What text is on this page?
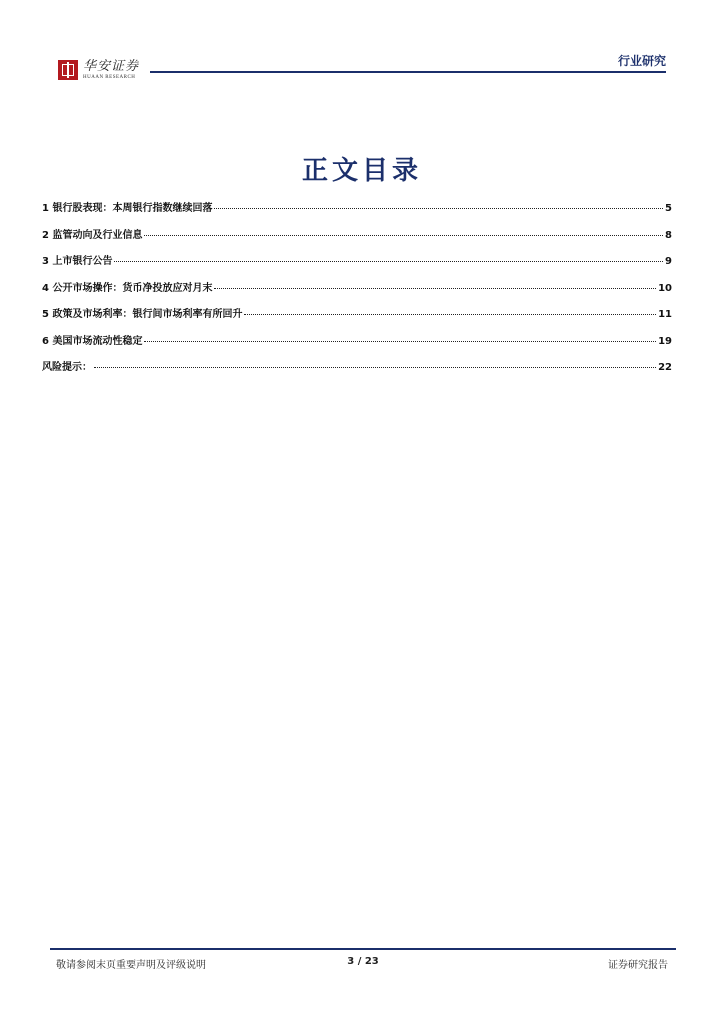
华安证券
HUAAN RESEARCH
行业研究
正文目录
1 银行股表现：本周银行指数继续回落	5
2 监管动向及行业信息	8
3 上市银行公告	9
4 公开市场操作：货币净投放应对月末	10
5 政策及市场利率：银行间市场利率有所回升	11
6 美国市场流动性稳定	19
风险提示：	22
敬请参阅末页重要声明及评级说明	3 / 23	证券研究报告
